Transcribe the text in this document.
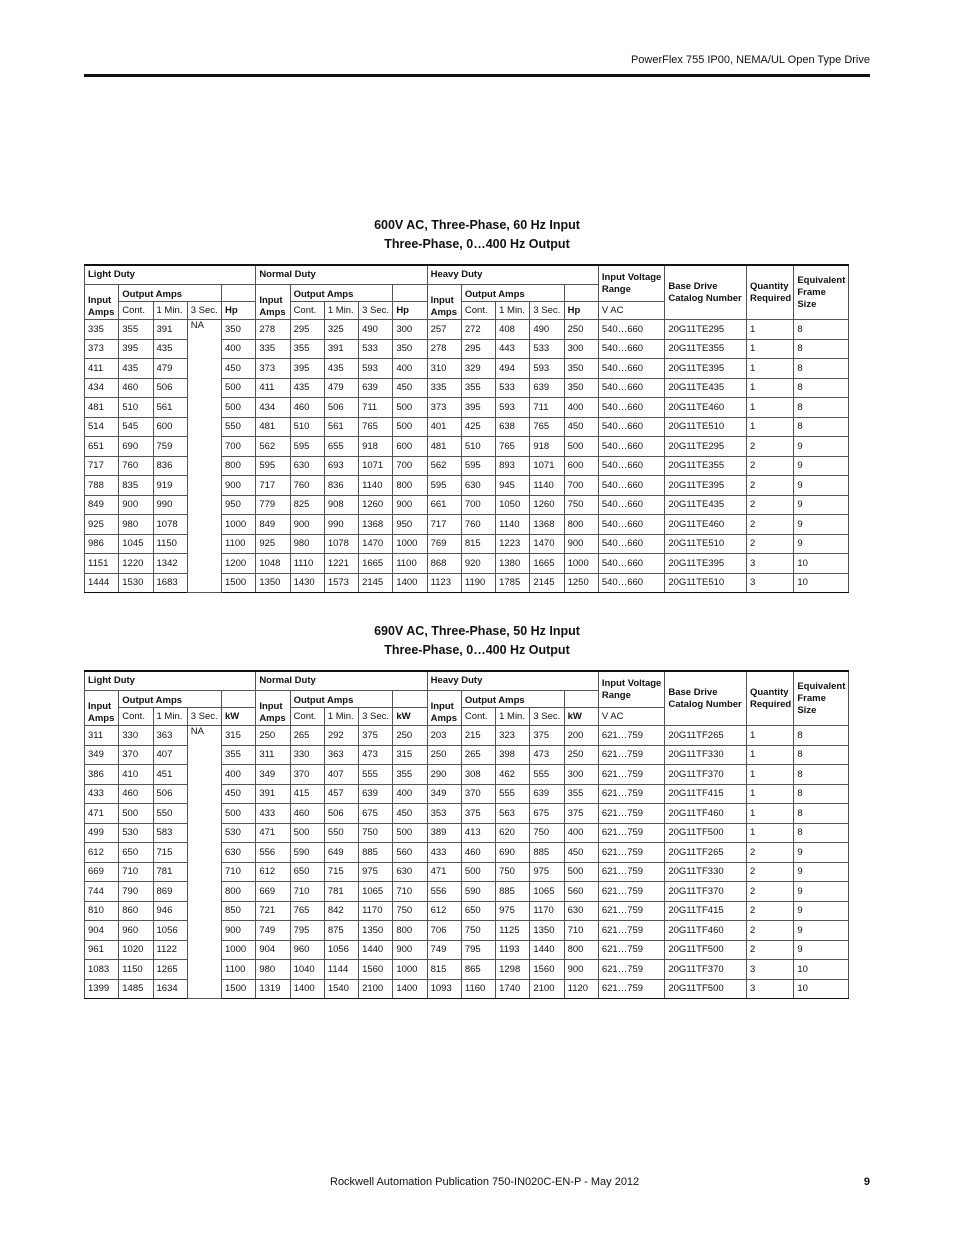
PowerFlex 755 IP00, NEMA/UL Open Type Drive
600V AC, Three-Phase, 60 Hz Input
Three-Phase, 0…400 Hz Output
Light Duty					Normal Duty					Heavy Duty					Input Voltage Range	Base Drive Catalog Number	Quantity Required	Equivalent Frame Size
Input Amps	Output Amps				Input Amps	Output Amps				Input Amps	Output Amps							
	Cont.	1 Min.	3 Sec.	Hp		Cont.	1 Min.	3 Sec.	Hp		Cont.	1 Min.	3 Sec.	Hp	V AC			
335	355	391	NA	350	278	295	325	490	300	257	272	408	490	250	540…660	20G11TE295	1	8
373	395	435		400	335	355	391	533	350	278	295	443	533	300	540…660	20G11TE355	1	8
411	435	479		450	373	395	435	593	400	310	329	494	593	350	540…660	20G11TE395	1	8
434	460	506		500	411	435	479	639	450	335	355	533	639	350	540…660	20G11TE435	1	8
481	510	561		500	434	460	506	711	500	373	395	593	711	400	540…660	20G11TE460	1	8
514	545	600		550	481	510	561	765	500	401	425	638	765	450	540…660	20G11TE510	1	8
651	690	759		700	562	595	655	918	600	481	510	765	918	500	540…660	20G11TE295	2	9
717	760	836		800	595	630	693	1071	700	562	595	893	1071	600	540…660	20G11TE355	2	9
788	835	919		900	717	760	836	1140	800	595	630	945	1140	700	540…660	20G11TE395	2	9
849	900	990		950	779	825	908	1260	900	661	700	1050	1260	750	540…660	20G11TE435	2	9
925	980	1078		1000	849	900	990	1368	950	717	760	1140	1368	800	540…660	20G11TE460	2	9
986	1045	1150		1100	925	980	1078	1470	1000	769	815	1223	1470	900	540…660	20G11TE510	2	9
1151	1220	1342		1200	1048	1110	1221	1665	1100	868	920	1380	1665	1000	540…660	20G11TE395	3	10
1444	1530	1683		1500	1350	1430	1573	2145	1400	1123	1190	1785	2145	1250	540…660	20G11TE510	3	10
690V AC, Three-Phase, 50 Hz Input
Three-Phase, 0…400 Hz Output
Light Duty					Normal Duty					Heavy Duty					Input Voltage Range	Base Drive Catalog Number	Quantity Required	Equivalent Frame Size
Input Amps	Output Amps				Input Amps	Output Amps				Input Amps	Output Amps							
	Cont.	1 Min.	3 Sec.	kW		Cont.	1 Min.	3 Sec.	kW		Cont.	1 Min.	3 Sec.	kW	V AC			
311	330	363	NA	315	250	265	292	375	250	203	215	323	375	200	621…759	20G11TF265	1	8
349	370	407		355	311	330	363	473	315	250	265	398	473	250	621…759	20G11TF330	1	8
386	410	451		400	349	370	407	555	355	290	308	462	555	300	621…759	20G11TF370	1	8
433	460	506		450	391	415	457	639	400	349	370	555	639	355	621…759	20G11TF415	1	8
471	500	550		500	433	460	506	675	450	353	375	563	675	375	621…759	20G11TF460	1	8
499	530	583		530	471	500	550	750	500	389	413	620	750	400	621…759	20G11TF500	1	8
612	650	715		630	556	590	649	885	560	433	460	690	885	450	621…759	20G11TF265	2	9
669	710	781		710	612	650	715	975	630	471	500	750	975	500	621…759	20G11TF330	2	9
744	790	869		800	669	710	781	1065	710	556	590	885	1065	560	621…759	20G11TF370	2	9
810	860	946		850	721	765	842	1170	750	612	650	975	1170	630	621…759	20G11TF415	2	9
904	960	1056		900	749	795	875	1350	800	706	750	1125	1350	710	621…759	20G11TF460	2	9
961	1020	1122		1000	904	960	1056	1440	900	749	795	1193	1440	800	621…759	20G11TF500	2	9
1083	1150	1265		1100	980	1040	1144	1560	1000	815	865	1298	1560	900	621…759	20G11TF370	3	10
1399	1485	1634		1500	1319	1400	1540	2100	1400	1093	1160	1740	2100	1120	621…759	20G11TF500	3	10
Rockwell Automation Publication 750-IN020C-EN-P - May 2012	9
